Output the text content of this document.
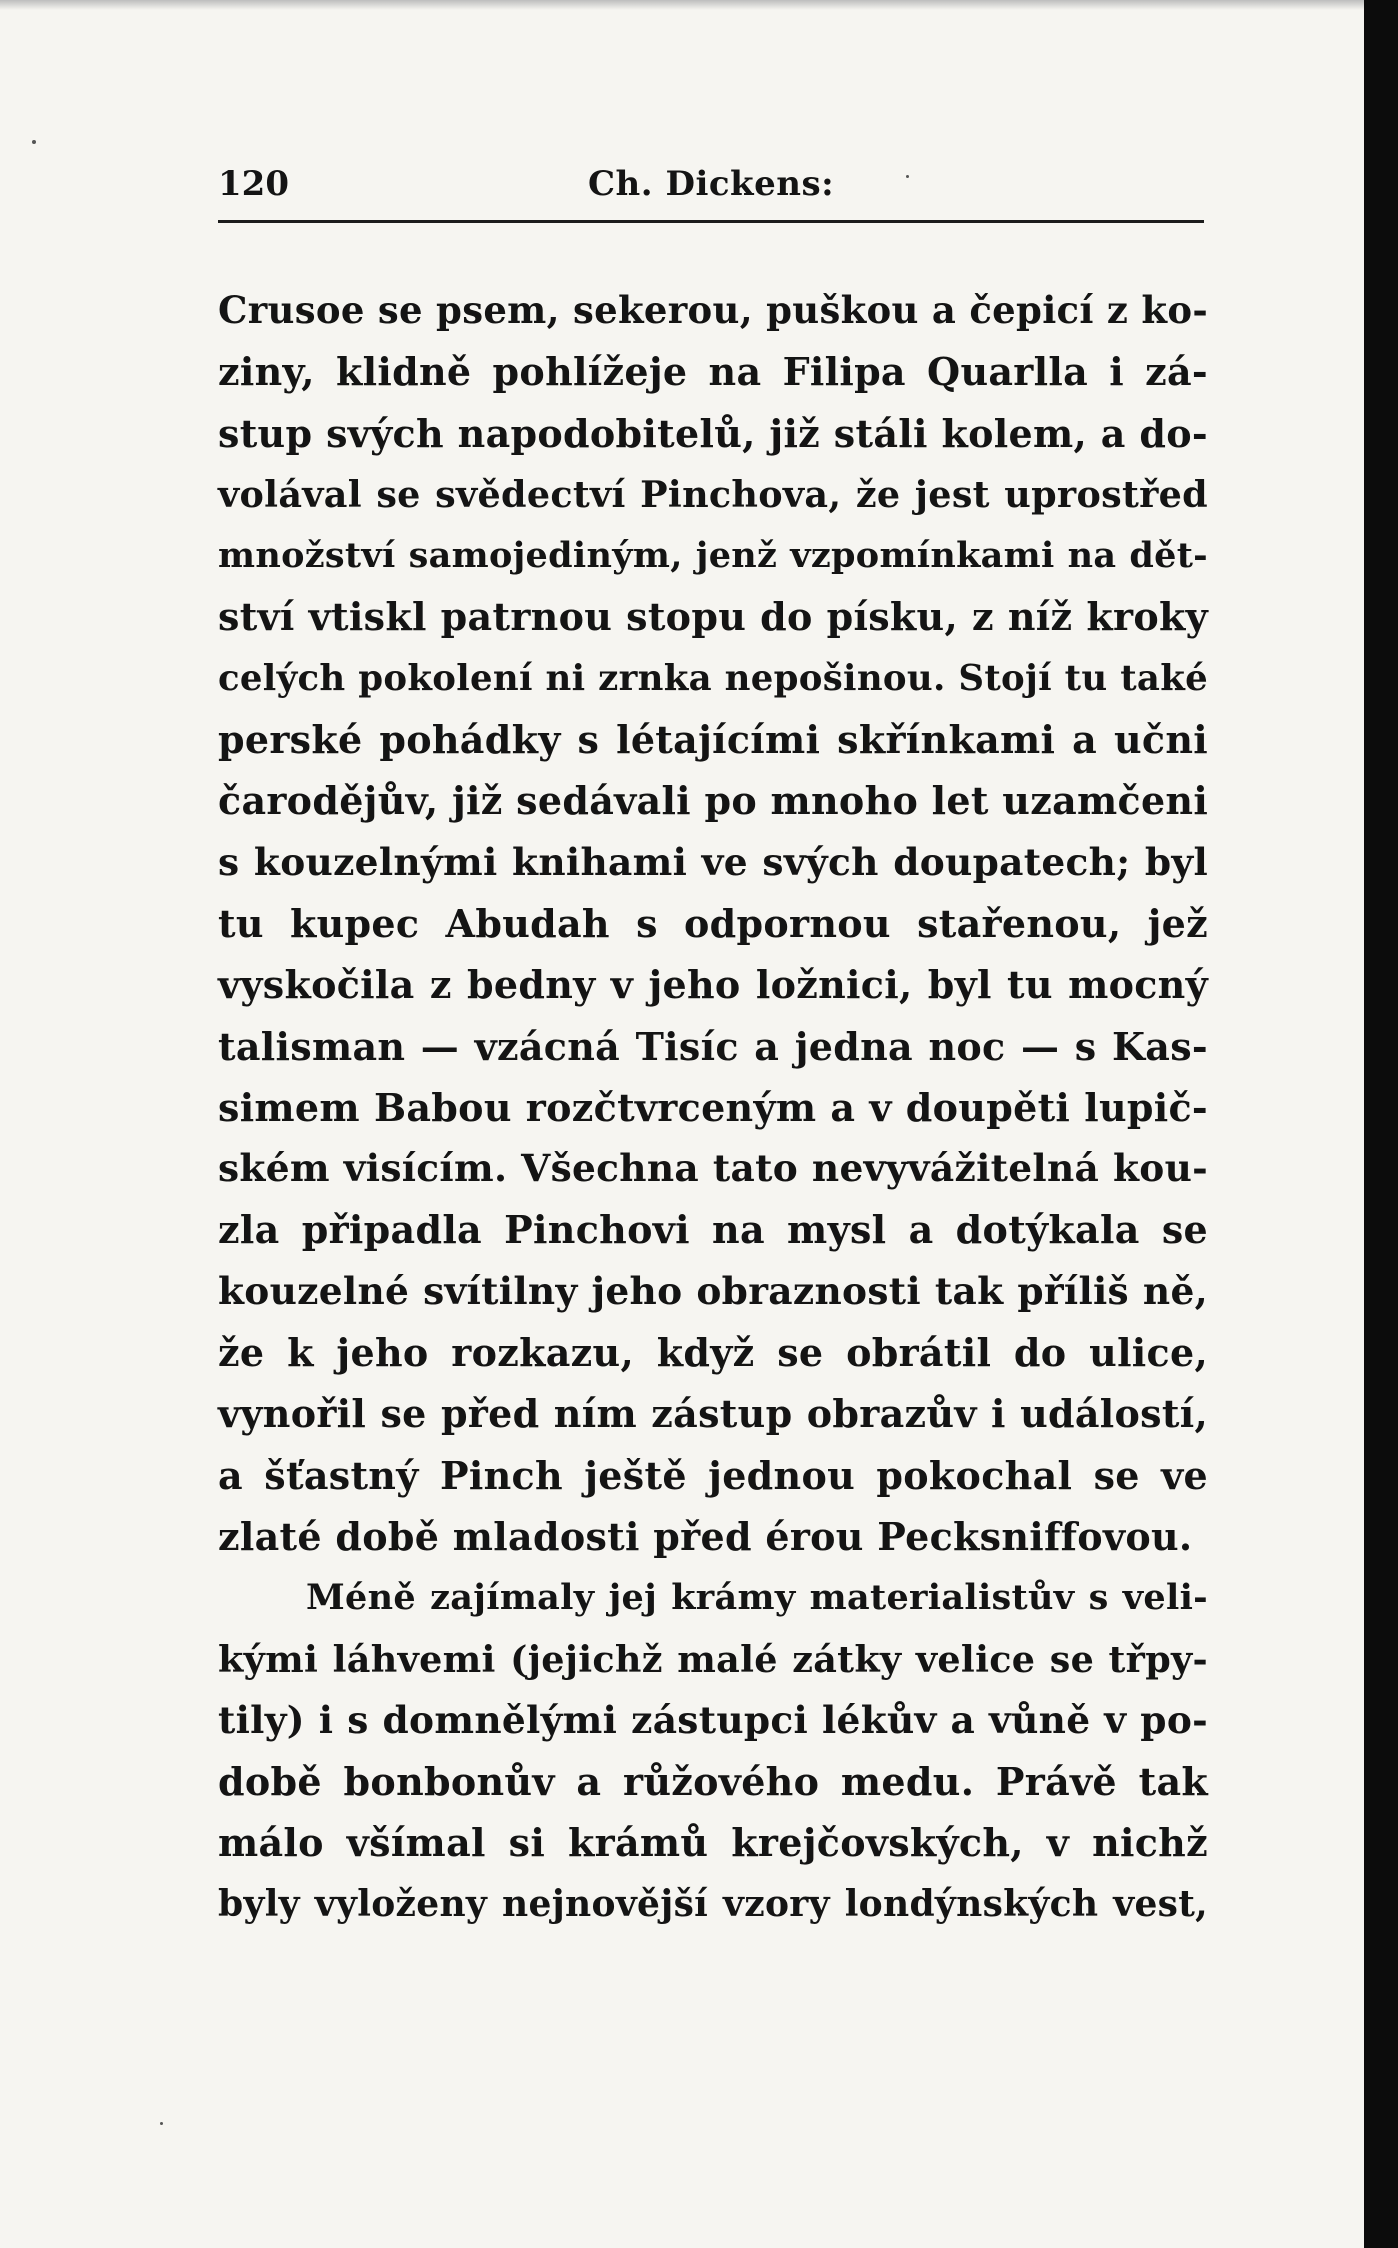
120	Ch. Dickens:
Crusoe se psem, sekerou, puškou a čepicí z ko-
ziny, klidně pohlížeje na Filipa Quarlla i zá-
stup svých napodobitelů, již stáli kolem, a do-
volával se svědectví Pinchova, že jest uprostřed
množství samojediným, jenž vzpomínkami na dět-
ství vtiskl patrnou stopu do písku, z níž kroky
celých pokolení ni zrnka nepošinou. Stojí tu také
perské pohádky s létajícími skřínkami a učni
čarodějův, již sedávali po mnoho let uzamčeni
s kouzelnými knihami ve svých doupatech; byl
tu kupec Abudah s odpornou stařenou, jež
vyskočila z bedny v jeho ložnici, byl tu mocný
talisman — vzácná Tisíc a jedna noc — s Kas-
simem Babou rozčtvrceným a v doupěti lupič-
ském visícím. Všechna tato nevyvážitelná kou-
zla připadla Pinchovi na mysl a dotýkala se
kouzelné svítilny jeho obraznosti tak příliš ně,
že k jeho rozkazu, když se obrátil do ulice,
vynořil se před ním zástup obrazův i událostí,
a šťastný Pinch ještě jednou pokochal se ve
zlaté době mladosti před érou Pecksniffovou.
Méně zajímaly jej krámy materialistův s veli-
kými láhvemi (jejichž malé zátky velice se třpy-
tily) i s domnělými zástupci lékův a vůně v po-
době bonbonův a růžového medu. Právě tak
málo všímal si krámů krejčovských, v nichž
byly vyloženy nejnovější vzory londýnských vest,
